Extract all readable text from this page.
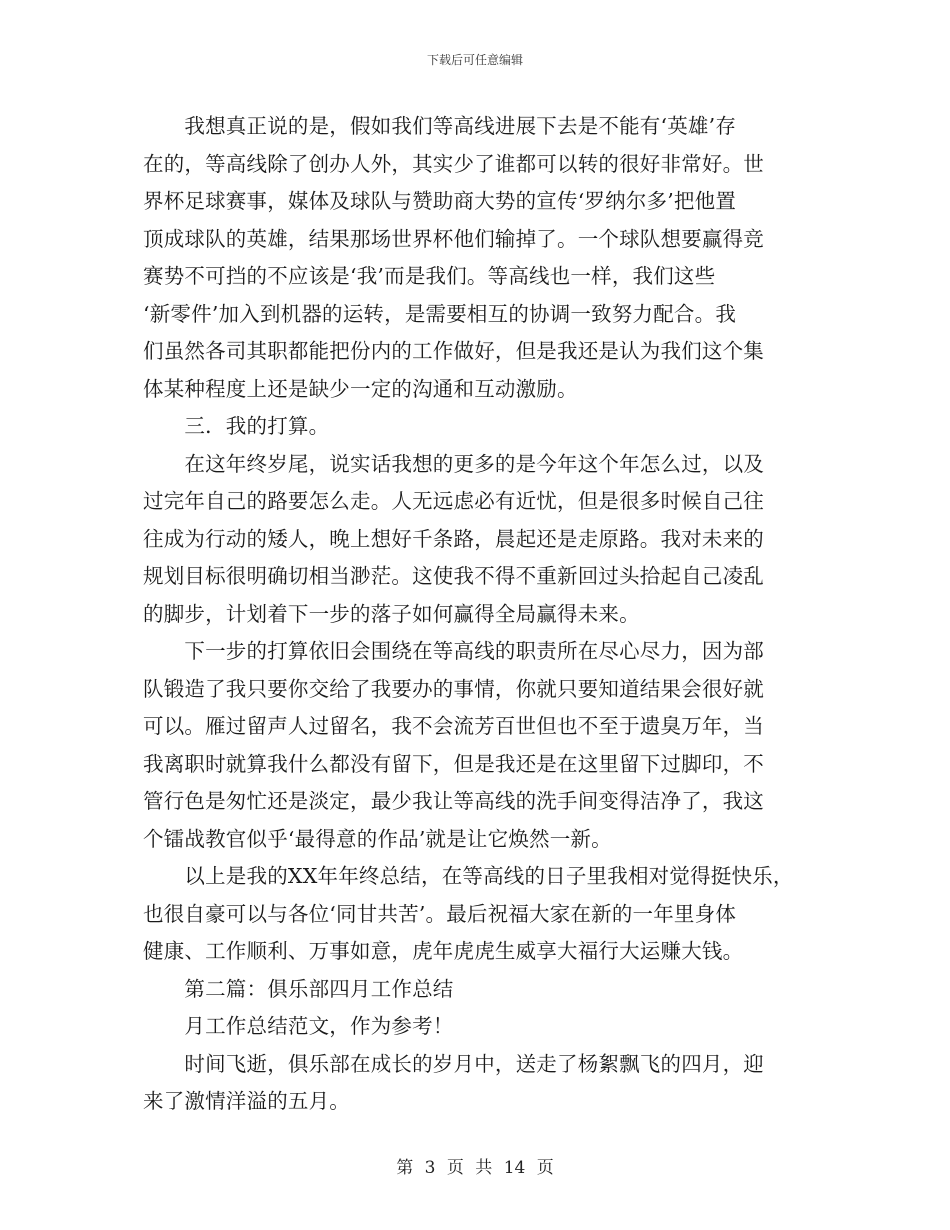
下载后可任意编辑
　　我想真正说的是，假如我们等高线进展下去是不能有‘英雄’存
在的，等高线除了创办人外，其实少了谁都可以转的很好非常好。世
界杯足球赛事，媒体及球队与赞助商大势的宣传‘罗纳尔多’把他置
顶成球队的英雄，结果那场世界杯他们输掉了。一个球队想要赢得竞
赛势不可挡的不应该是‘我’而是我们。等高线也一样，我们这些
‘新零件’加入到机器的运转，是需要相互的协调一致努力配合。我
们虽然各司其职都能把份内的工作做好，但是我还是认为我们这个集
体某种程度上还是缺少一定的沟通和互动激励。
　　三．我的打算。
　　在这年终岁尾，说实话我想的更多的是今年这个年怎么过，以及
过完年自己的路要怎么走。人无远虑必有近忧，但是很多时候自己往
往成为行动的矮人，晚上想好千条路，晨起还是走原路。我对未来的
规划目标很明确切相当渺茫。这使我不得不重新回过头拾起自己凌乱
的脚步，计划着下一步的落子如何赢得全局赢得未来。
　　下一步的打算依旧会围绕在等高线的职责所在尽心尽力，因为部
队锻造了我只要你交给了我要办的事情，你就只要知道结果会很好就
可以。雁过留声人过留名，我不会流芳百世但也不至于遗臭万年，当
我离职时就算我什么都没有留下，但是我还是在这里留下过脚印，不
管行色是匆忙还是淡定，最少我让等高线的洗手间变得洁净了，我这
个镭战教官似乎‘最得意的作品’就是让它焕然一新。
　　以上是我的XX年年终总结，在等高线的日子里我相对觉得挺快乐，
也很自豪可以与各位‘同甘共苦’。最后祝福大家在新的一年里身体
健康、工作顺利、万事如意，虎年虎虎生威享大福行大运赚大钱。
　　第二篇：俱乐部四月工作总结
　　月工作总结范文，作为参考！
　　时间飞逝，俱乐部在成长的岁月中，送走了杨絮飘飞的四月，迎
来了激情洋溢的五月。
第 3 页 共 14 页
